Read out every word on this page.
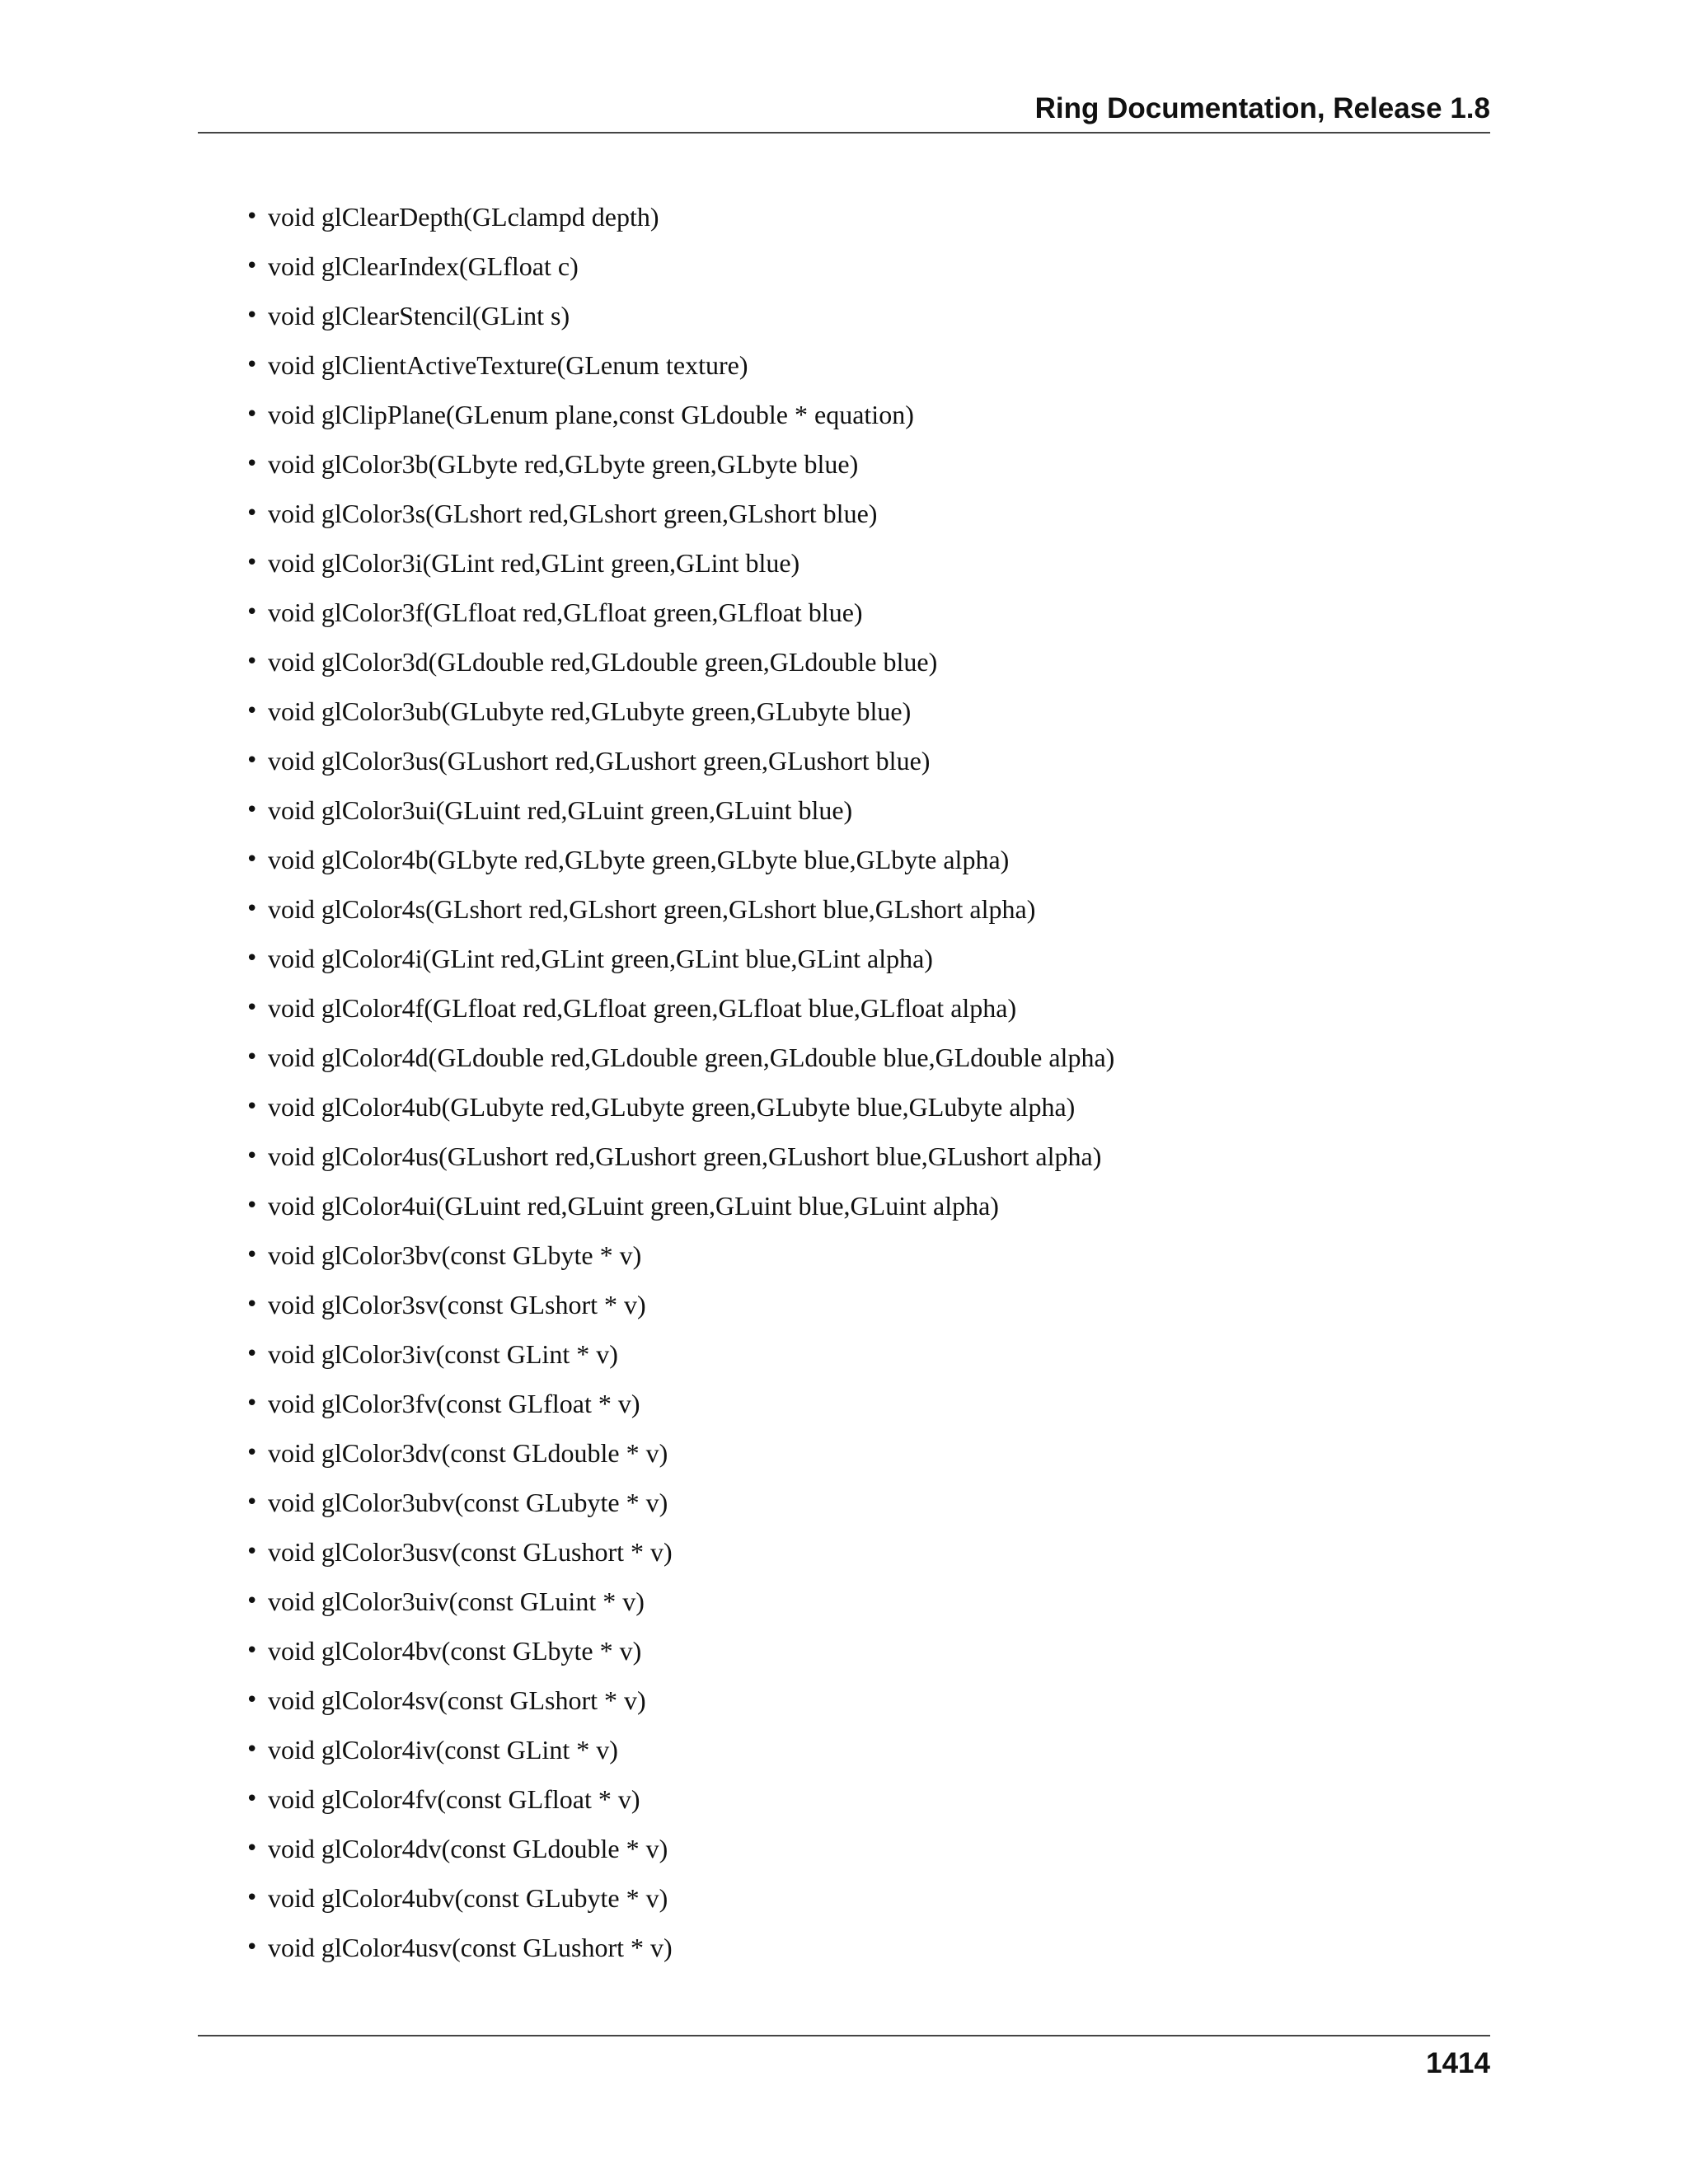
Ring Documentation, Release 1.8
• void glClearDepth(GLclampd depth)
• void glClearIndex(GLfloat c)
• void glClearStencil(GLint s)
• void glClientActiveTexture(GLenum texture)
• void glClipPlane(GLenum plane,const GLdouble * equation)
• void glColor3b(GLbyte red,GLbyte green,GLbyte blue)
• void glColor3s(GLshort red,GLshort green,GLshort blue)
• void glColor3i(GLint red,GLint green,GLint blue)
• void glColor3f(GLfloat red,GLfloat green,GLfloat blue)
• void glColor3d(GLdouble red,GLdouble green,GLdouble blue)
• void glColor3ub(GLubyte red,GLubyte green,GLubyte blue)
• void glColor3us(GLushort red,GLushort green,GLushort blue)
• void glColor3ui(GLuint red,GLuint green,GLuint blue)
• void glColor4b(GLbyte red,GLbyte green,GLbyte blue,GLbyte alpha)
• void glColor4s(GLshort red,GLshort green,GLshort blue,GLshort alpha)
• void glColor4i(GLint red,GLint green,GLint blue,GLint alpha)
• void glColor4f(GLfloat red,GLfloat green,GLfloat blue,GLfloat alpha)
• void glColor4d(GLdouble red,GLdouble green,GLdouble blue,GLdouble alpha)
• void glColor4ub(GLubyte red,GLubyte green,GLubyte blue,GLubyte alpha)
• void glColor4us(GLushort red,GLushort green,GLushort blue,GLushort alpha)
• void glColor4ui(GLuint red,GLuint green,GLuint blue,GLuint alpha)
• void glColor3bv(const GLbyte * v)
• void glColor3sv(const GLshort * v)
• void glColor3iv(const GLint * v)
• void glColor3fv(const GLfloat * v)
• void glColor3dv(const GLdouble * v)
• void glColor3ubv(const GLubyte * v)
• void glColor3usv(const GLushort * v)
• void glColor3uiv(const GLuint * v)
• void glColor4bv(const GLbyte * v)
• void glColor4sv(const GLshort * v)
• void glColor4iv(const GLint * v)
• void glColor4fv(const GLfloat * v)
• void glColor4dv(const GLdouble * v)
• void glColor4ubv(const GLubyte * v)
• void glColor4usv(const GLushort * v)
1414
